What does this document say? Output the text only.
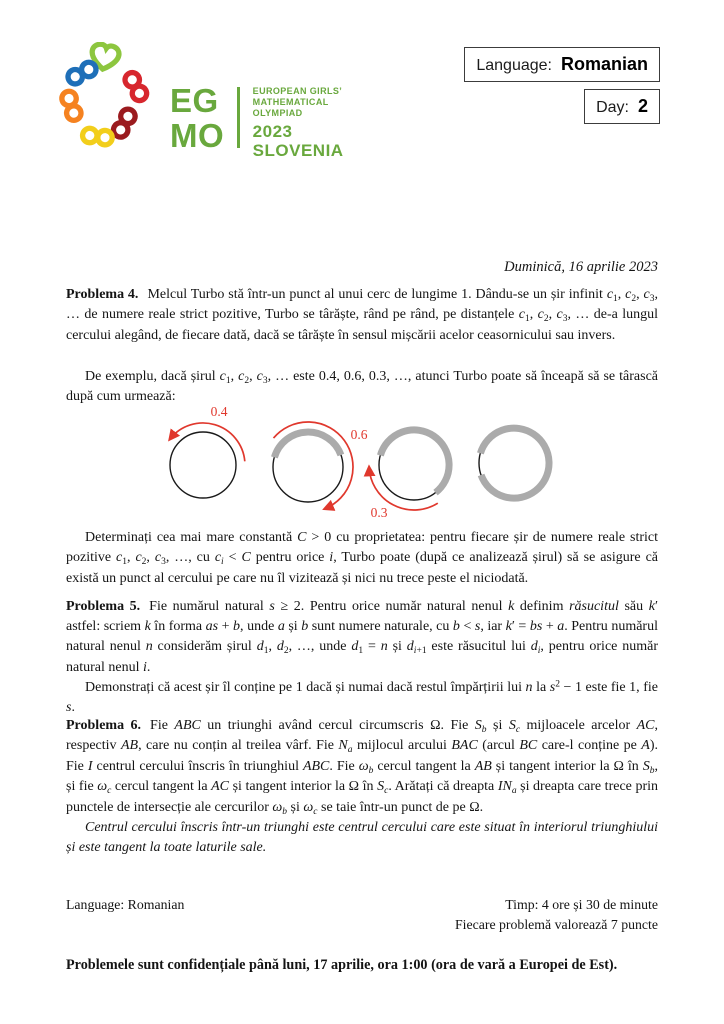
EG
MO
EUROPEAN GIRLS’
MATHEMATICAL
OLYMPIAD
2023
SLOVENIA
Language: Romanian
Day: 2
Duminică, 16 aprilie 2023

Problema 4. Melcul Turbo stă într-un punct al unui cerc de lungime 1. Dându-se un șir infinit $c_1$, $c_2$, $c_3$, … de numere reale strict pozitive, Turbo se târăște, rând pe rând, pe distanțele $c_1$, $c_2$, $c_3$, … de-a lungul cercului alegând, de fiecare dată, dacă se târăște în sensul mișcării acelor ceasornicului sau invers.

De exemplu, dacă șirul $c_1$, $c_2$, $c_3$, … este 0.4, 0.6, 0.3, …, atunci Turbo poate să înceapă să se târască după cum urmează:

0.4
0.6
0.3

Determinați cea mai mare constantă C > 0 cu proprietatea: pentru fiecare șir de numere reale strict pozitive $c_1$, $c_2$, $c_3$, …, cu $c_i < C$ pentru orice i, Turbo poate (după ce analizează șirul) să se asigure că există un punct al cercului pe care nu îl vizitează și nici nu trece peste el niciodată.

Problema 5. Fie numărul natural s ≥ 2. Pentru orice număr natural nenul k definim răsucitul său k′ astfel: scriem k în forma as + b, unde a și b sunt numere naturale, cu b < s, iar k′ = bs + a. Pentru numărul natural nenul n considerăm șirul $d_1$, $d_2$, …, unde $d_1 = n$ și $d_{i+1}$ este răsucitul lui $d_i$, pentru orice număr natural nenul i.

Demonstrați că acest șir îl conține pe 1 dacă și numai dacă restul împărțirii lui n la $s^2 - 1$ este fie 1, fie s.

Problema 6. Fie ABC un triunghi având cercul circumscris Ω. Fie $S_b$ și $S_c$ mijloacele arcelor AC, respectiv AB, care nu conțin al treilea vârf. Fie $N_a$ mijlocul arcului BAC (arcul BC care-l conține pe A). Fie I centrul cercului înscris în triunghiul ABC. Fie $\omega_b$ cercul tangent la AB și tangent interior la Ω în $S_b$, și fie $\omega_c$ cercul tangent la AC și tangent interior la Ω în $S_c$. Arătați că dreapta $IN_a$ și dreapta care trece prin punctele de intersecție ale cercurilor $\omega_b$ și $\omega_c$ se taie într-un punct de pe Ω.

Centrul cercului înscris într-un triunghi este centrul cercului care este situat în interiorul triunghiului și este tangent la toate laturile sale.

Language: Romanian	Timp: 4 ore și 30 de minute
Fiecare problemă valorează 7 puncte

Problemele sunt confidențiale până luni, 17 aprilie, ora 1:00 (ora de vară a Europei de Est).
